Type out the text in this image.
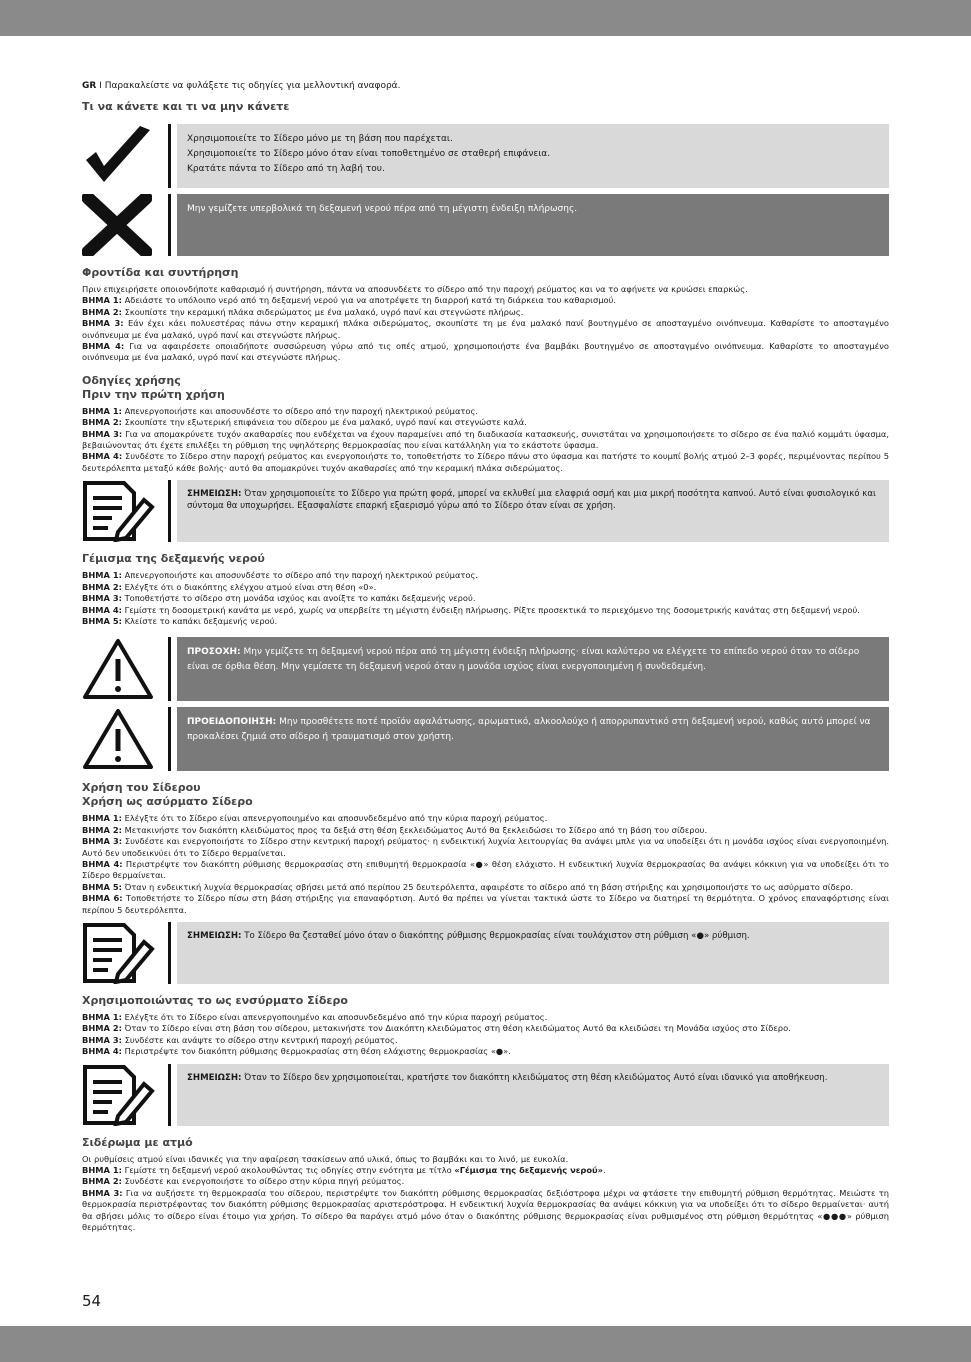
GR I Παρακαλείστε να φυλάξετε τις οδηγίες για μελλοντική αναφορά.

Τι να κάνετε και τι να μην κάνετε
Χρησιμοποιείτε το Σίδερο μόνο με τη βάση που παρέχεται.
Χρησιμοποιείτε το Σίδερο μόνο όταν είναι τοποθετημένο σε σταθερή επιφάνεια.
Κρατάτε πάντα το Σίδερο από τη λαβή του.
Μην γεμίζετε υπερβολικά τη δεξαμενή νερού πέρα από τη μέγιστη ένδειξη πλήρωσης.
Φροντίδα και συντήρηση

Πριν επιχειρήσετε οποιονδήποτε καθαρισμό ή συντήρηση, πάντα να αποσυνδέετε το σίδερο από την παροχή ρεύματος και να το αφήνετε να κρυώσει επαρκώς.

ΒΗΜΑ 1: Αδειάστε το υπόλοιπο νερό από τη δεξαμενή νερού για να αποτρέψετε τη διαρροή κατά τη διάρκεια του καθαρισμού.

ΒΗΜΑ 2: Σκουπίστε την κεραμική πλάκα σιδερώματος με ένα μαλακό, υγρό πανί και στεγνώστε πλήρως.

ΒΗΜΑ 3: Εάν έχει κάει πολυεστέρας πάνω στην κεραμική πλάκα σιδερώματος, σκουπίστε τη με ένα μαλακό πανί βουτηγμένο σε αποσταγμένο οινόπνευμα. Καθαρίστε το αποσταγμένο οινόπνευμα με ένα μαλακό, υγρό πανί και στεγνώστε πλήρως.

ΒΗΜΑ 4: Για να αφαιρέσετε οποιαδήποτε συσσώρευση γύρω από τις οπές ατμού, χρησιμοποιήστε ένα βαμβάκι βουτηγμένο σε αποσταγμένο οινόπνευμα. Καθαρίστε το αποσταγμένο οινόπνευμα με ένα μαλακό, υγρό πανί και στεγνώστε πλήρως.

Οδηγίες χρήσης
Πριν την πρώτη χρήση

ΒΗΜΑ 1: Απενεργοποιήστε και αποσυνδέστε το σίδερο από την παροχή ηλεκτρικού ρεύματος.

ΒΗΜΑ 2: Σκουπίστε την εξωτερική επιφάνεια του σίδερου με ένα μαλακό, υγρό πανί και στεγνώστε καλά.

ΒΗΜΑ 3: Για να απομακρύνετε τυχόν ακαθαρσίες που ενδέχεται να έχουν παραμείνει από τη διαδικασία κατασκευής, συνιστάται να χρησιμοποιήσετε το σίδερο σε ένα παλιό κομμάτι ύφασμα, βεβαιώνοντας ότι έχετε επιλέξει τη ρύθμιση της υψηλότερης θερμοκρασίας που είναι κατάλληλη για το εκάστοτε ύφασμα.

ΒΗΜΑ 4: Συνδέστε το Σίδερο στην παροχή ρεύματος και ενεργοποιήστε το, τοποθετήστε το Σίδερο πάνω στο ύφασμα και πατήστε το κουμπί βολής ατμού 2–3 φορές, περιμένοντας περίπου 5 δευτερόλεπτα μεταξύ κάθε βολής· αυτό θα απομακρύνει τυχόν ακαθαρσίες από την κεραμική πλάκα σιδερώματος.

ΣΗΜΕΙΩΣΗ: Όταν χρησιμοποιείτε το Σίδερο για πρώτη φορά, μπορεί να εκλυθεί μια ελαφριά οσμή και μια μικρή ποσότητα καπνού. Αυτό είναι φυσιολογικό και σύντομα θα υποχωρήσει. Εξασφαλίστε επαρκή εξαερισμό γύρω από το Σίδερο όταν είναι σε χρήση.
Γέμισμα της δεξαμενής νερού

ΒΗΜΑ 1: Απενεργοποιήστε και αποσυνδέστε το σίδερο από την παροχή ηλεκτρικού ρεύματος.

ΒΗΜΑ 2: Ελέγξτε ότι ο διακόπτης ελέγχου ατμού είναι στη θέση «0».

ΒΗΜΑ 3: Τοποθετήστε το σίδερο στη μονάδα ισχύος και ανοίξτε το καπάκι δεξαμενής νερού.

ΒΗΜΑ 4: Γεμίστε τη δοσομετρική κανάτα με νερό, χωρίς να υπερβείτε τη μέγιστη ένδειξη πλήρωσης. Ρίξτε προσεκτικά το περιεχόμενο της δοσομετρικής κανάτας στη δεξαμενή νερού.

ΒΗΜΑ 5: Κλείστε το καπάκι δεξαμενής νερού.

ΠΡΟΣΟΧΗ: Μην γεμίζετε τη δεξαμενή νερού πέρα από τη μέγιστη ένδειξη πλήρωσης· είναι καλύτερο να ελέγχετε το επίπεδο νερού όταν το σίδερο είναι σε όρθια θέση. Μην γεμίσετε τη δεξαμενή νερού όταν η μονάδα ισχύος είναι ενεργοποιημένη ή συνδεδεμένη.
ΠΡΟΕΙΔΟΠΟΙΗΣΗ: Μην προσθέτετε ποτέ προϊόν αφαλάτωσης, αρωματικό, αλκοολούχο ή απορρυπαντικό στη δεξαμενή νερού, καθώς αυτό μπορεί να προκαλέσει ζημιά στο σίδερο ή τραυματισμό στον χρήστη.
Χρήση του Σίδερου
Χρήση ως ασύρματο Σίδερο

ΒΗΜΑ 1: Ελέγξτε ότι το Σίδερο είναι απενεργοποιημένο και αποσυνδεδεμένο από την κύρια παροχή ρεύματος.

ΒΗΜΑ 2: Μετακινήστε τον διακόπτη κλειδώματος προς τα δεξιά στη θέση ξεκλειδώματος Αυτό θα ξεκλειδώσει το Σίδερο από τη βάση του σίδερου.

ΒΗΜΑ 3: Συνδέστε και ενεργοποιήστε το Σίδερο στην κεντρική παροχή ρεύματος· η ενδεικτική λυχνία λειτουργίας θα ανάψει μπλε για να υποδείξει ότι η μονάδα ισχύος είναι ενεργοποιημένη. Αυτό δεν υποδεικνύει ότι το Σίδερο θερμαίνεται.

ΒΗΜΑ 4: Περιστρέψτε τον διακόπτη ρύθμισης θερμοκρασίας στη επιθυμητή θερμοκρασία «●» θέση ελάχιστο. Η ενδεικτική λυχνία θερμοκρασίας θα ανάψει κόκκινη για να υποδείξει ότι το Σίδερο θερμαίνεται.

ΒΗΜΑ 5: Όταν η ενδεικτική λυχνία θερμοκρασίας σβήσει μετά από περίπου 25 δευτερόλεπτα, αφαιρέστε το σίδερο από τη βάση στήριξης και χρησιμοποιήστε το ως ασύρματο σίδερο.

ΒΗΜΑ 6: Τοποθετήστε το Σίδερο πίσω στη βάση στήριξης για επαναφόρτιση. Αυτό θα πρέπει να γίνεται τακτικά ώστε το Σίδερο να διατηρεί τη θερμότητα. Ο χρόνος επαναφόρτισης είναι περίπου 5 δευτερόλεπτα.

ΣΗΜΕΙΩΣΗ: Το Σίδερο θα ζεσταθεί μόνο όταν ο διακόπτης ρύθμισης θερμοκρασίας είναι τουλάχιστον στη ρύθμιση «●» ρύθμιση.
Χρησιμοποιώντας το ως ενσύρματο Σίδερο

ΒΗΜΑ 1: Ελέγξτε ότι το Σίδερο είναι απενεργοποιημένο και αποσυνδεδεμένο από την κύρια παροχή ρεύματος.

ΒΗΜΑ 2: Όταν το Σίδερο είναι στη βάση του σίδερου, μετακινήστε τον Διακόπτη κλειδώματος στη θέση κλειδώματος Αυτό θα κλειδώσει τη Μονάδα ισχύος στο Σίδερο.

ΒΗΜΑ 3: Συνδέστε και ανάψτε το σίδερο στην κεντρική παροχή ρεύματος.

ΒΗΜΑ 4: Περιστρέψτε τον διακόπτη ρύθμισης θερμοκρασίας στη θέση ελάχιστης θερμοκρασίας «●».

ΣΗΜΕΙΩΣΗ: Όταν το Σίδερο δεν χρησιμοποιείται, κρατήστε τον διακόπτη κλειδώματος στη θέση κλειδώματος Αυτό είναι ιδανικό για αποθήκευση.
Σιδέρωμα με ατμό

Οι ρυθμίσεις ατμού είναι ιδανικές για την αφαίρεση τσακίσεων από υλικά, όπως το βαμβάκι και το λινό, με ευκολία.

ΒΗΜΑ 1: Γεμίστε τη δεξαμενή νερού ακολουθώντας τις οδηγίες στην ενότητα με τίτλο «Γέμισμα της δεξαμενής νερού».

ΒΗΜΑ 2: Συνδέστε και ενεργοποιήστε το σίδερο στην κύρια πηγή ρεύματος.

ΒΗΜΑ 3: Για να αυξήσετε τη θερμοκρασία του σίδερου, περιστρέψτε τον διακόπτη ρύθμισης θερμοκρασίας δεξιόστροφα μέχρι να φτάσετε την επιθυμητή ρύθμιση θερμότητας. Μειώστε τη θερμοκρασία περιστρέφοντας τον διακόπτη ρύθμισης θερμοκρασίας αριστερόστροφα. Η ενδεικτική λυχνία θερμοκρασίας θα ανάψει κόκκινη για να υποδείξει ότι το σίδερο θερμαίνεται· αυτή θα σβήσει μόλις το σίδερο είναι έτοιμο για χρήση. Το σίδερο θα παράγει ατμό μόνο όταν ο διακόπτης ρύθμισης θερμοκρασίας είναι ρυθμισμένος στη ρύθμιση θερμότητας «●●●» ρύθμιση θερμότητας.

54
